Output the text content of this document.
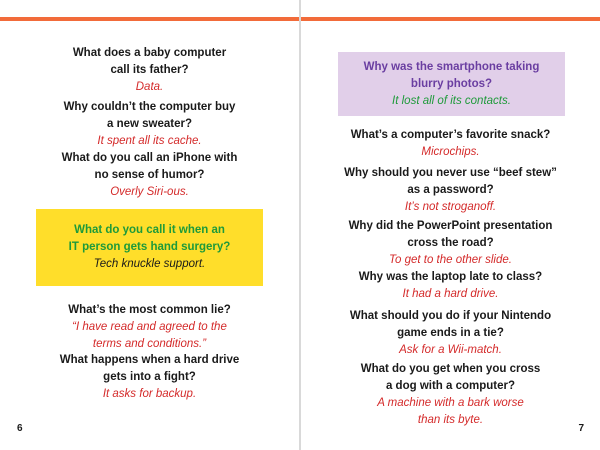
What does a baby computer
call its father?
Data.
Why couldn’t the computer buy
a new sweater?
It spent all its cache.
What do you call an iPhone with
no sense of humor?
Overly Siri-ous.
What do you call it when an
IT person gets hand surgery?
Tech knuckle support.
What’s the most common lie?
“I have read and agreed to the
terms and conditions.”
What happens when a hard drive
gets into a fight?
It asks for backup.
6
Why was the smartphone taking
blurry photos?
It lost all of its contacts.
What’s a computer’s favorite snack?
Microchips.
Why should you never use “beef stew”
as a password?
It’s not stroganoff.
Why did the PowerPoint presentation
cross the road?
To get to the other slide.
Why was the laptop late to class?
It had a hard drive.
What should you do if your Nintendo
game ends in a tie?
Ask for a Wii-match.
What do you get when you cross
a dog with a computer?
A machine with a bark worse
than its byte.
7
